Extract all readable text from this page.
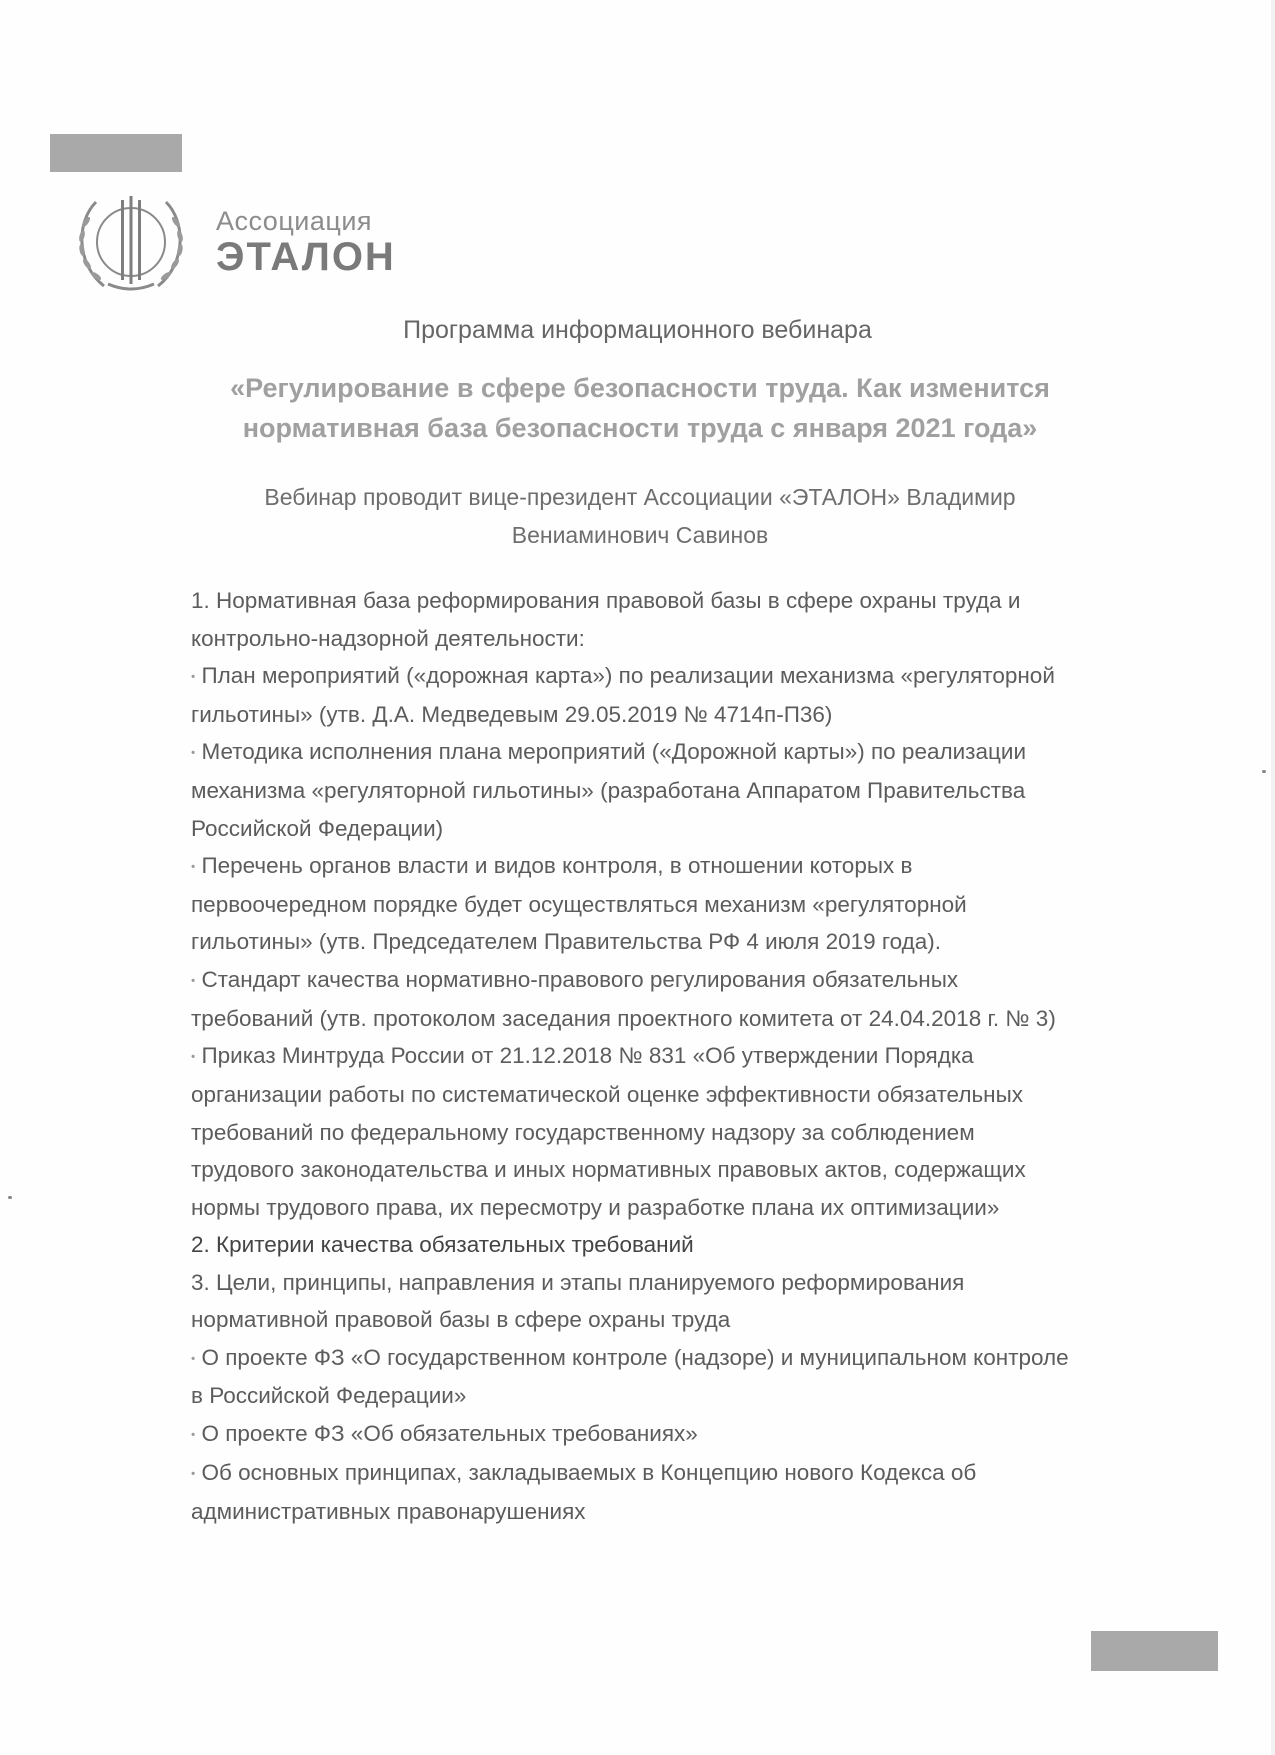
Ассоциация
ЭТАЛОН
Программа информационного вебинара
«Регулирование в сфере безопасности труда. Как изменится
нормативная база безопасности труда с января 2021 года»
Вебинар проводит вице-президент Ассоциации «ЭТАЛОН» Владимир
Вениаминович Савинов
1. Нормативная база реформирования правовой базы в сфере охраны труда и
контрольно-надзорной деятельности:
• План мероприятий («дорожная карта») по реализации механизма «регуляторной
гильотины» (утв. Д.А. Медведевым 29.05.2019 № 4714п-П36)
• Методика исполнения плана мероприятий («Дорожной карты») по реализации
механизма «регуляторной гильотины» (разработана Аппаратом Правительства
Российской Федерации)
• Перечень органов власти и видов контроля, в отношении которых в
первоочередном порядке будет осуществляться механизм «регуляторной
гильотины» (утв. Председателем Правительства РФ 4 июля 2019 года).
• Стандарт качества нормативно-правового регулирования обязательных
требований (утв. протоколом заседания проектного комитета от 24.04.2018 г. № 3)
• Приказ Минтруда России от 21.12.2018 № 831 «Об утверждении Порядка
организации работы по систематической оценке эффективности обязательных
требований по федеральному государственному надзору за соблюдением
трудового законодательства и иных нормативных правовых актов, содержащих
нормы трудового права, их пересмотру и разработке плана их оптимизации»
2. Критерии качества обязательных требований
3. Цели, принципы, направления и этапы планируемого реформирования
нормативной правовой базы в сфере охраны труда
• О проекте ФЗ «О государственном контроле (надзоре) и муниципальном контроле
в Российской Федерации»
• О проекте ФЗ «Об обязательных требованиях»
• Об основных принципах, закладываемых в Концепцию нового Кодекса об
административных правонарушениях
